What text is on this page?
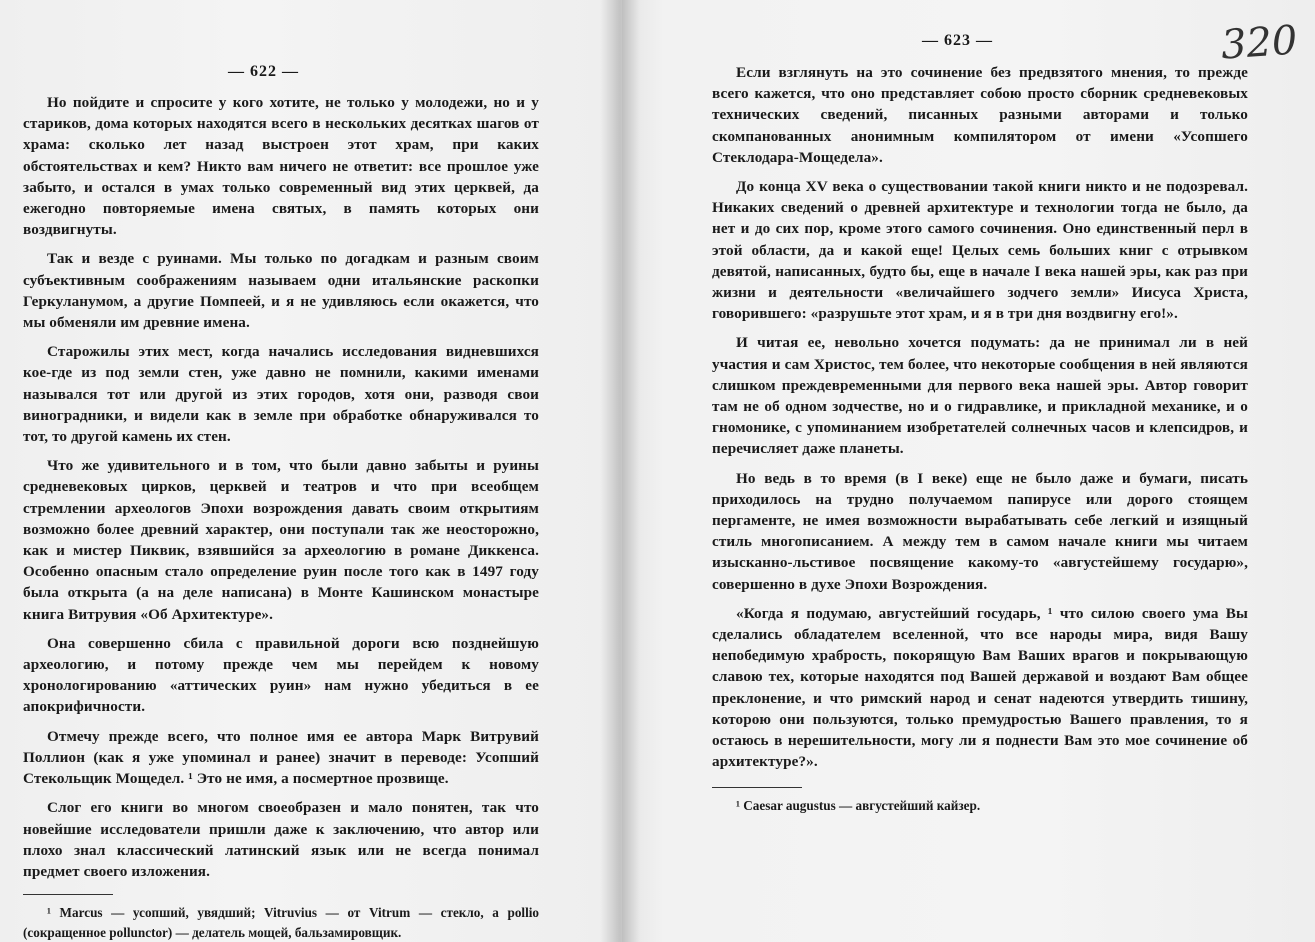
— 622 —

Но пойдите и спросите у кого хотите, не только у молодежи, но и у стариков, дома которых находятся всего в нескольких десятках шагов от храма: сколько лет назад выстроен этот храм, при каких обстоятельствах и кем? Никто вам ничего не ответит: все прошлое уже забыто, и остался в умах только современный вид этих церквей, да ежегодно повторяемые имена святых, в память которых они воздвигнуты.

Так и везде с руинами. Мы только по догадкам и разным своим субъективным соображениям называем одни итальянские раскопки Геркуланумом, а другие Помпеей, и я не удивляюсь если окажется, что мы обменяли им древние имена.

Старожилы этих мест, когда начались исследования видневшихся кое-где из под земли стен, уже давно не помнили, какими именами назывался тот или другой из этих городов, хотя они, разводя свои виноградники, и видели как в земле при обработке обнаруживался то тот, то другой камень их стен.

Что же удивительного и в том, что были давно забыты и руины средневековых цирков, церквей и театров и что при всеобщем стремлении археологов Эпохи возрождения давать своим открытиям возможно более древний характер, они поступали так же неосторожно, как и мистер Пиквик, взявшийся за археологию в романе Диккенса. Особенно опасным стало определение руин после того как в 1497 году была открыта (а на деле написана) в Монте Кашинском монастыре книга Витрувия «Об Архитектуре».

Она совершенно сбила с правильной дороги всю позднейшую археологию, и потому прежде чем мы перейдем к новому хронологированию «аттических руин» нам нужно убедиться в ее апокрифичности.

Отмечу прежде всего, что полное имя ее автора Марк Витрувий Поллион (как я уже упоминал и ранее) значит в переводе: Усопший Стекольщик Мощедел. ¹ Это не имя, а посмертное прозвище.

Слог его книги во многом своеобразен и мало понятен, так что новейшие исследователи пришли даже к заключению, что автор или плохо знал классический латинский язык или не всегда понимал предмет своего изложения.

¹ Marcus — усопший, увядший; Vitruvius — от Vitrum — стекло, a pollio (сокращенное pollunctor) — делатель мощей, бальзамировщик.

— 623 —	320

Если взглянуть на это сочинение без предвзятого мнения, то прежде всего кажется, что оно представляет собою просто сборник средневековых технических сведений, писанных разными авторами и только скомпанованных анонимным компилятором от имени «Усопшего Стеклодара-Мощедела».

До конца XV века о существовании такой книги никто и не подозревал. Никаких сведений о древней архитектуре и технологии тогда не было, да нет и до сих пор, кроме этого самого сочинения. Оно единственный перл в этой области, да и какой еще! Целых семь больших книг с отрывком девятой, написанных, будто бы, еще в начале I века нашей эры, как раз при жизни и деятельности «величайшего зодчего земли» Иисуса Христа, говорившего: «разрушьте этот храм, и я в три дня воздвигну его!».

И читая ее, невольно хочется подумать: да не принимал ли в ней участия и сам Христос, тем более, что некоторые сообщения в ней являются слишком преждевременными для первого века нашей эры. Автор говорит там не об одном зодчестве, но и о гидравлике, и прикладной механике, и о гномонике, с упоминанием изобретателей солнечных часов и клепсидров, и перечисляет даже планеты.

Но ведь в то время (в I веке) еще не было даже и бумаги, писать приходилось на трудно получаемом папирусе или дорого стоящем пергаменте, не имея возможности вырабатывать себе легкий и изящный стиль многописанием. А между тем в самом начале книги мы читаем изысканно-льстивое посвящение какому-то «августейшему государю», совершенно в духе Эпохи Возрождения.

«Когда я подумаю, августейший государь, ¹ что силою своего ума Вы сделались обладателем вселенной, что все народы мира, видя Вашу непобедимую храбрость, покорящую Вам Ваших врагов и покрывающую славою тех, которые находятся под Вашей державой и воздают Вам общее преклонение, и что римский народ и сенат надеются утвердить тишину, которою они пользуются, только премудростью Вашего правления, то я остаюсь в нерешительности, могу ли я поднести Вам это мое сочинение об архитектуре?».

¹ Caesar augustus — августейший кайзер.
